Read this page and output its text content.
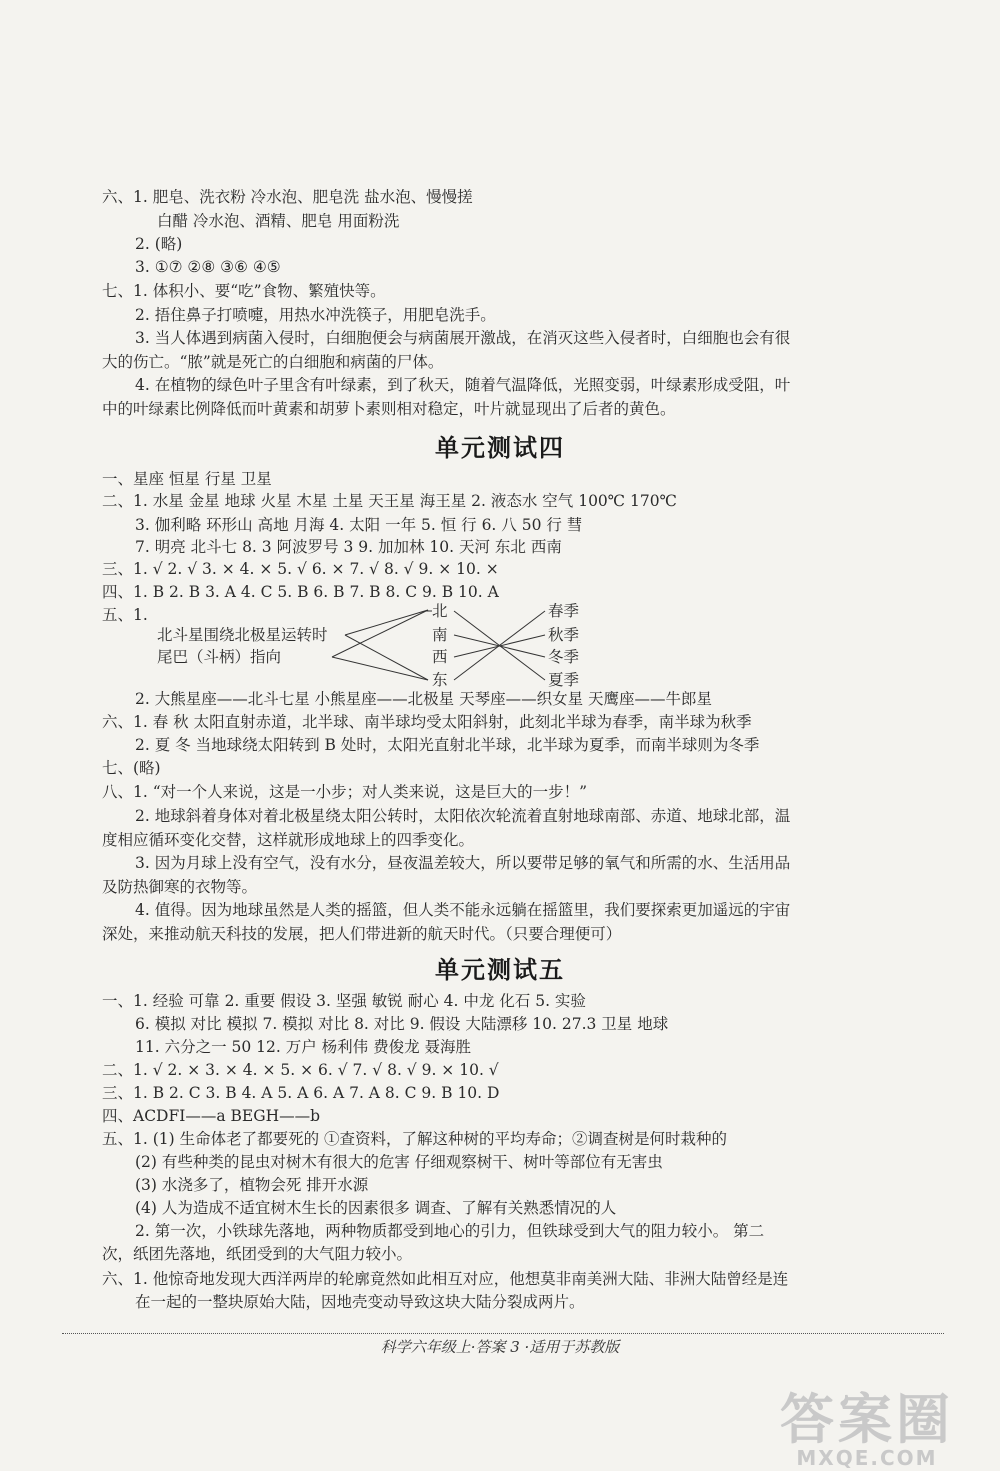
六、1. 肥皂、洗衣粉 冷水泡、肥皂洗 盐水泡、慢慢搓
白醋 冷水泡、酒精、肥皂 用面粉洗
2. (略)
3. ①⑦ ②⑧ ③⑥ ④⑤
七、1. 体积小、要“吃”食物、繁殖快等。
2. 捂住鼻子打喷嚏，用热水冲洗筷子，用肥皂洗手。
3. 当人体遇到病菌入侵时，白细胞便会与病菌展开激战，在消灭这些入侵者时，白细胞也会有很
大的伤亡。“脓”就是死亡的白细胞和病菌的尸体。
4. 在植物的绿色叶子里含有叶绿素，到了秋天，随着气温降低，光照变弱，叶绿素形成受阻，叶
中的叶绿素比例降低而叶黄素和胡萝卜素则相对稳定，叶片就显现出了后者的黄色。
单元测试四
一、星座 恒星 行星 卫星
二、1. 水星 金星 地球 火星 木星 土星 天王星 海王星 2. 液态水 空气 100℃ 170℃
3. 伽利略 环形山 高地 月海 4. 太阳 一年 5. 恒 行 6. 八 50 行 彗
7. 明亮 北斗七 8. 3 阿波罗号 3 9. 加加林 10. 天河 东北 西南
三、1. √ 2. √ 3. × 4. × 5. √ 6. × 7. √ 8. √ 9. × 10. ×
四、1. B 2. B 3. A 4. C 5. B 6. B 7. B 8. C 9. B 10. A
五、1.
北斗星围绕北极星运转时
尾巴（斗柄）指向
北
南
西
东
春季
秋季
冬季
夏季
2. 大熊星座——北斗七星 小熊星座——北极星 天琴座——织女星 天鹰座——牛郎星
六、1. 春 秋 太阳直射赤道，北半球、南半球均受太阳斜射，此刻北半球为春季，南半球为秋季
2. 夏 冬 当地球绕太阳转到 B 处时，太阳光直射北半球，北半球为夏季，而南半球则为冬季
七、(略)
八、1. “对一个人来说，这是一小步；对人类来说，这是巨大的一步！”
2. 地球斜着身体对着北极星绕太阳公转时，太阳依次轮流着直射地球南部、赤道、地球北部，温
度相应循环变化交替，这样就形成地球上的四季变化。
3. 因为月球上没有空气，没有水分，昼夜温差较大，所以要带足够的氧气和所需的水、生活用品
及防热御寒的衣物等。
4. 值得。因为地球虽然是人类的摇篮，但人类不能永远躺在摇篮里，我们要探索更加遥远的宇宙
深处，来推动航天科技的发展，把人们带进新的航天时代。（只要合理便可）
单元测试五
一、1. 经验 可靠 2. 重要 假设 3. 坚强 敏锐 耐心 4. 中龙 化石 5. 实验
6. 模拟 对比 模拟 7. 模拟 对比 8. 对比 9. 假设 大陆漂移 10. 27.3 卫星 地球
11. 六分之一 50 12. 万户 杨利伟 费俊龙 聂海胜
二、1. √ 2. × 3. × 4. × 5. × 6. √ 7. √ 8. √ 9. × 10. √
三、1. B 2. C 3. B 4. A 5. A 6. A 7. A 8. C 9. B 10. D
四、ACDFI——a BEGH——b
五、1. (1) 生命体老了都要死的 ①查资料，了解这种树的平均寿命；②调查树是何时栽种的
(2) 有些种类的昆虫对树木有很大的危害 仔细观察树干、树叶等部位有无害虫
(3) 水浇多了，植物会死 排开水源
(4) 人为造成不适宜树木生长的因素很多 调查、了解有关熟悉情况的人
2. 第一次，小铁球先落地，两种物质都受到地心的引力，但铁球受到大气的阻力较小。 第二
次，纸团先落地，纸团受到的大气阻力较小。
六、1. 他惊奇地发现大西洋两岸的轮廓竟然如此相互对应，他想莫非南美洲大陆、非洲大陆曾经是连
在一起的一整块原始大陆，因地壳变动导致这块大陆分裂成两片。
科学六年级上·答案 3 ·适用于苏教版
答案圈
MXQE.COM
